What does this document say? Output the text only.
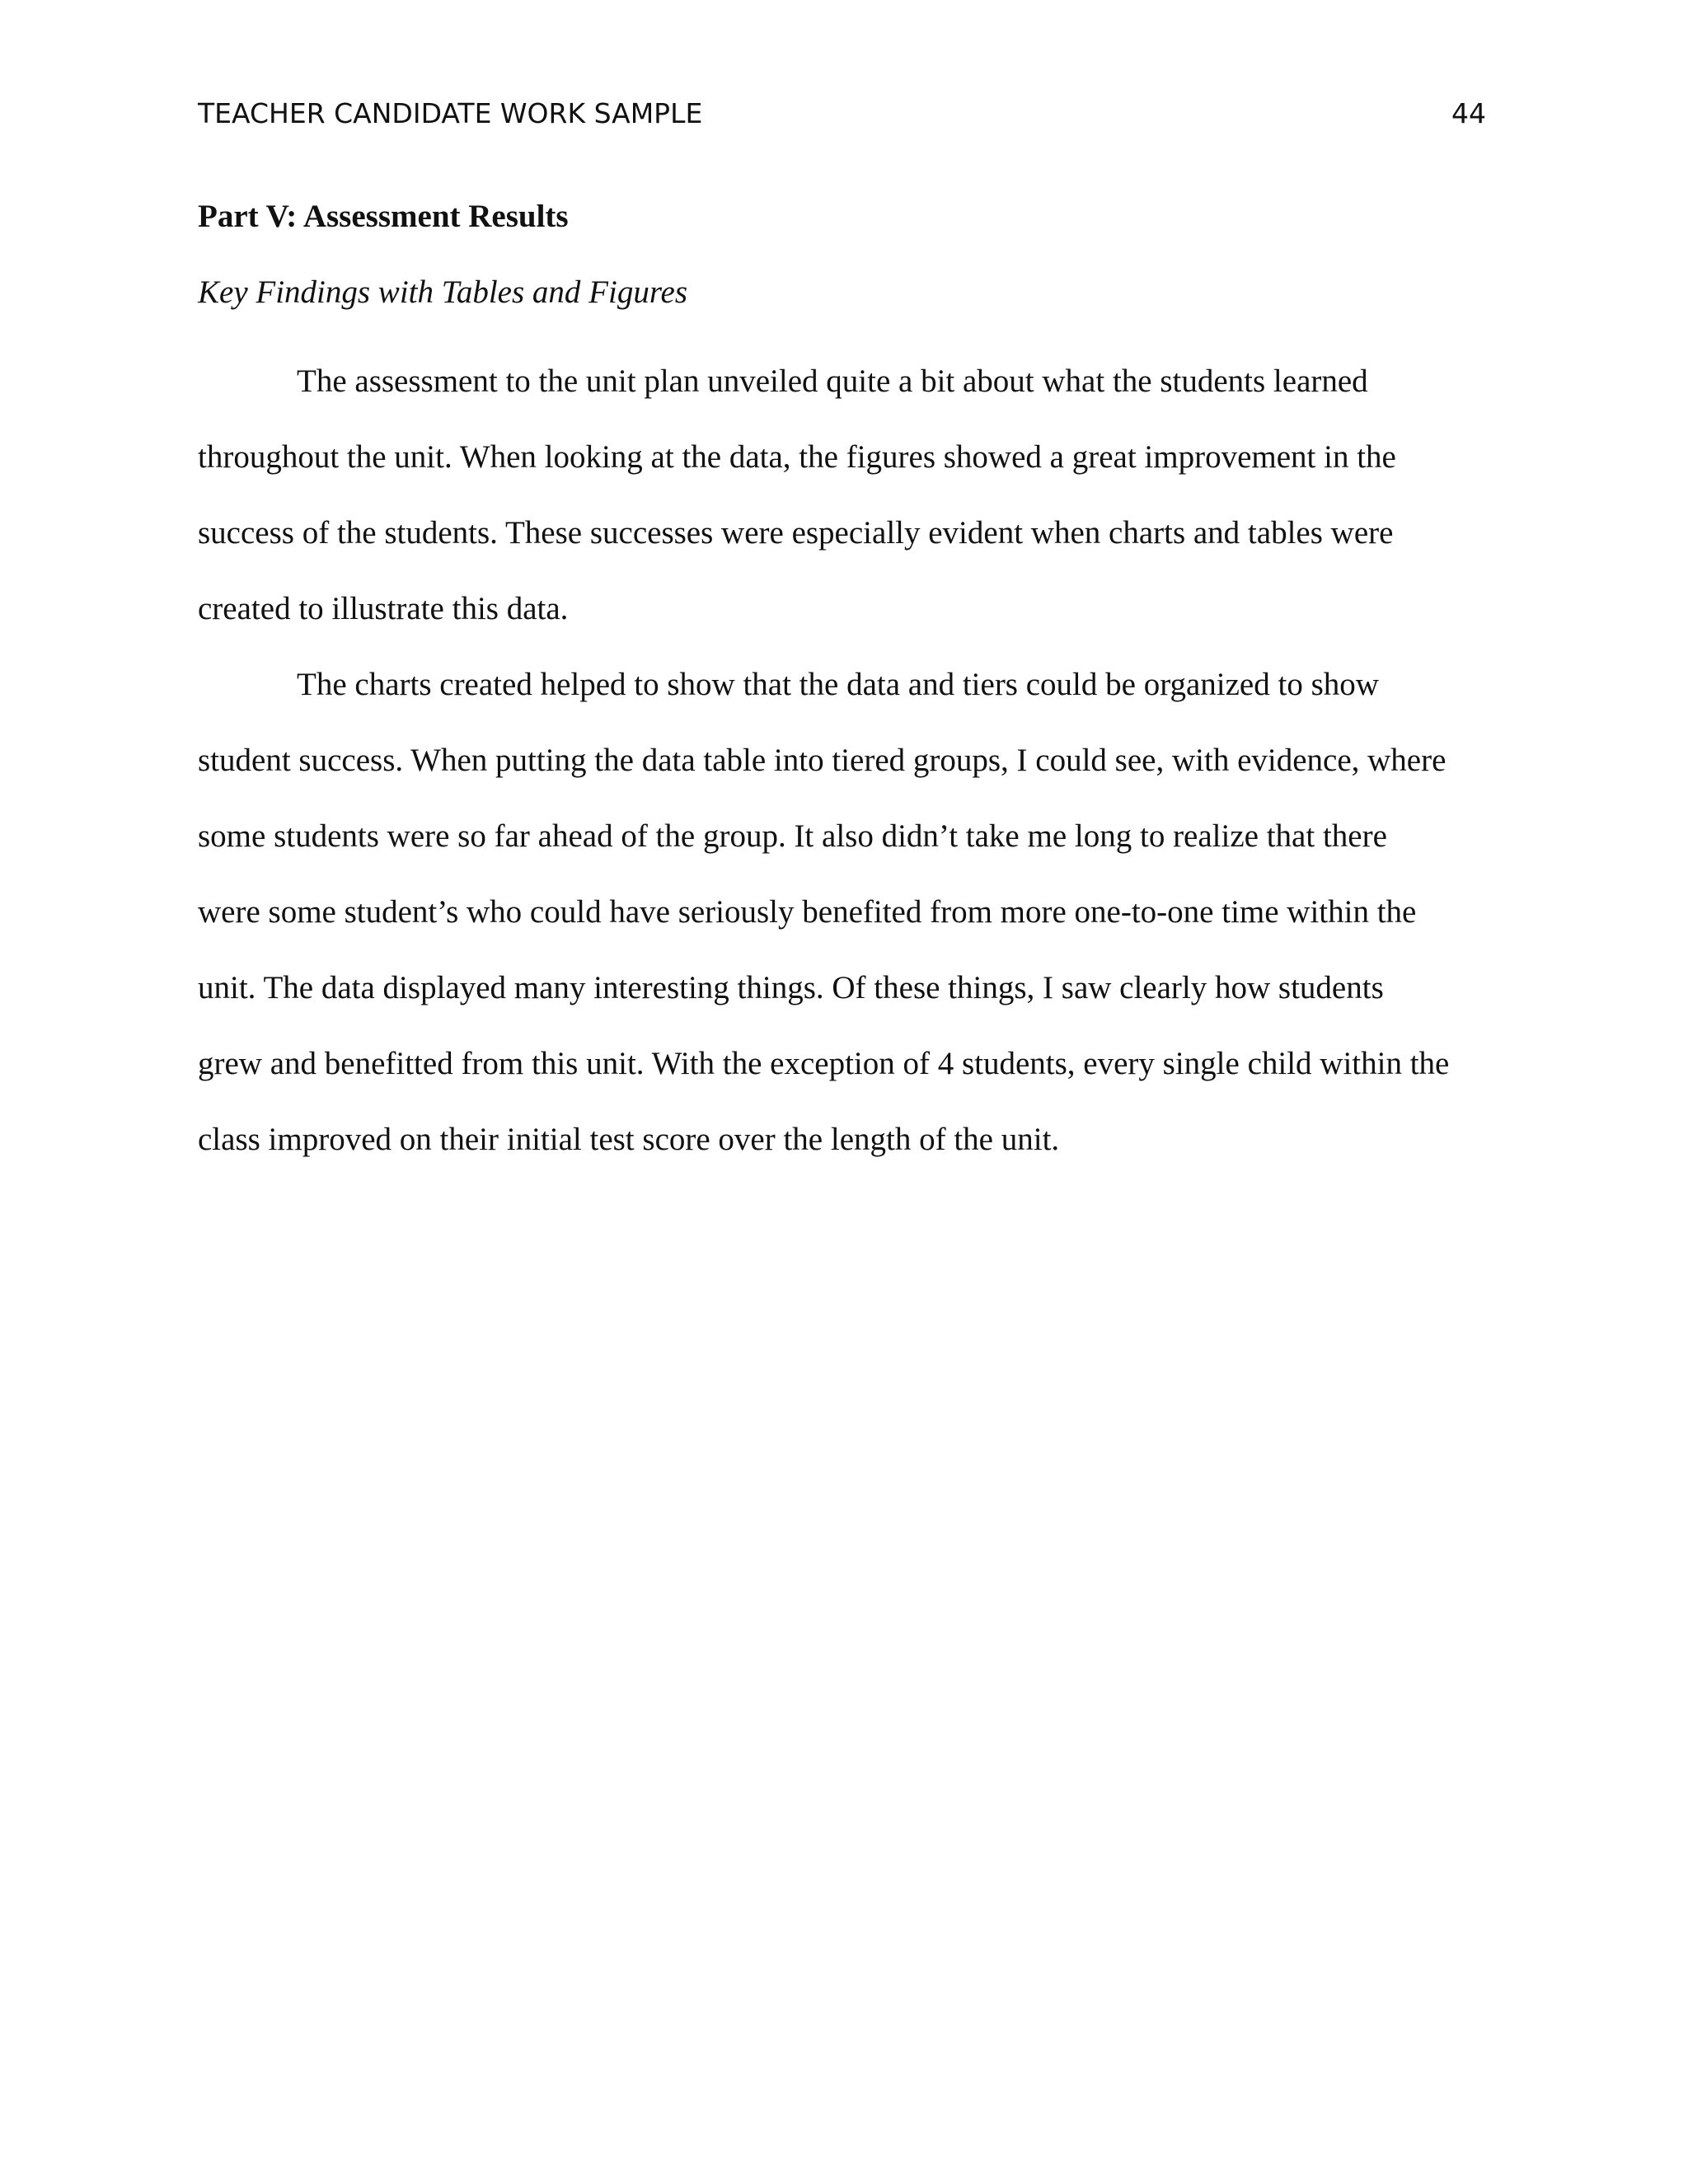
TEACHER CANDIDATE WORK SAMPLE	44

Part V: Assessment Results

Key Findings with Tables and Figures

The assessment to the unit plan unveiled quite a bit about what the students learned
throughout the unit. When looking at the data, the figures showed a great improvement in the
success of the students. These successes were especially evident when charts and tables were
created to illustrate this data.
The charts created helped to show that the data and tiers could be organized to show
student success. When putting the data table into tiered groups, I could see, with evidence, where
some students were so far ahead of the group. It also didn’t take me long to realize that there
were some student’s who could have seriously benefited from more one-to-one time within the
unit. The data displayed many interesting things. Of these things, I saw clearly how students
grew and benefitted from this unit. With the exception of 4 students, every single child within the
class improved on their initial test score over the length of the unit.
